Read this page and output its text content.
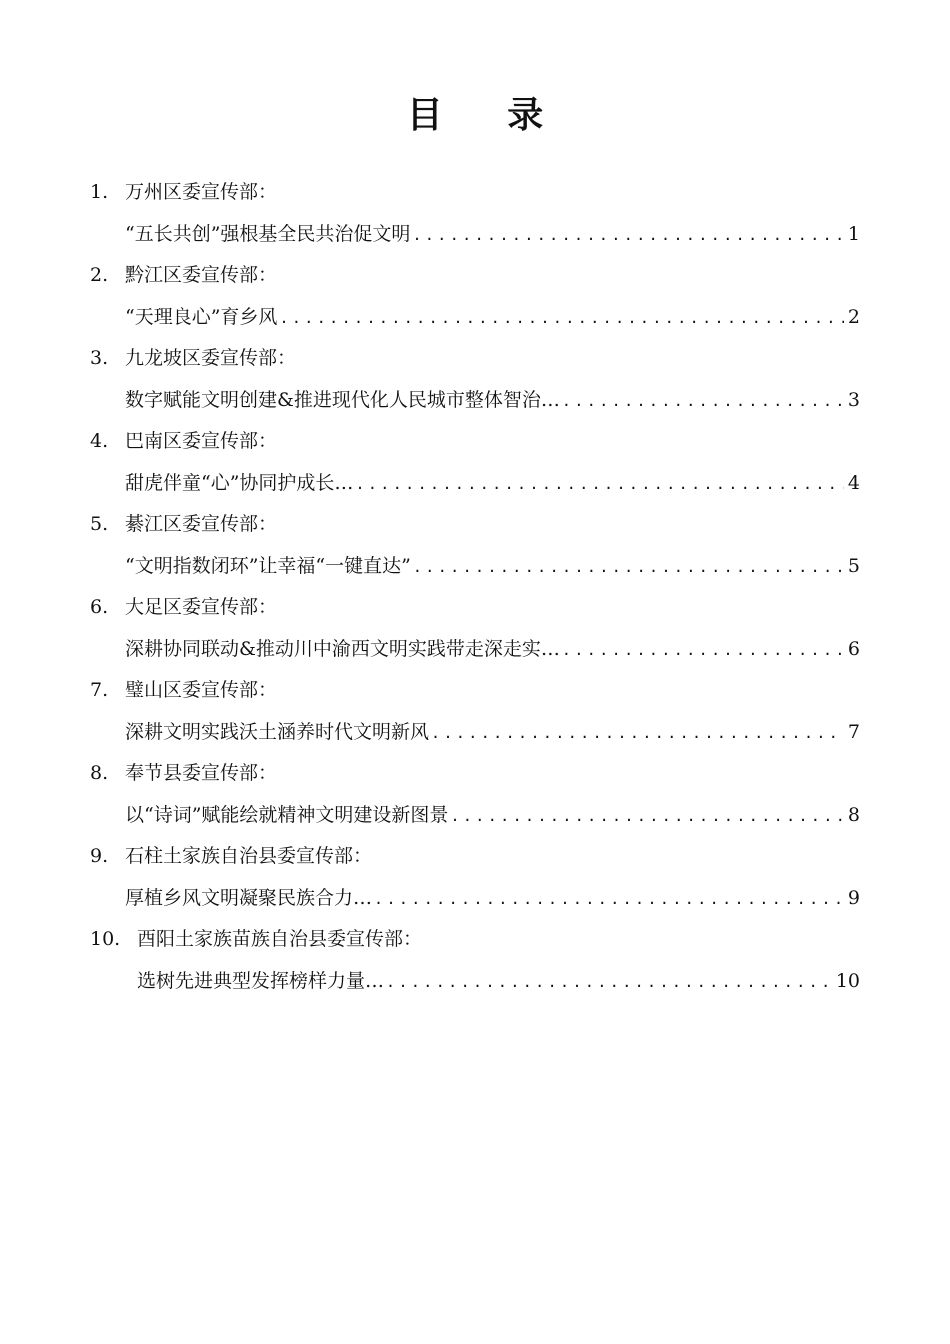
目 录
1. 万州区委宣传部：
“五长共创”强根基全民共治促文明 .....	1
2. 黔江区委宣传部：
“天理良心”育乡风 .....	2
3. 九龙坡区委宣传部：
数字赋能文明创建&推进现代化人民城市整体智治… .....	3
4. 巴南区委宣传部：
甜虎伴童“心”协同护成长… .....	4
5. 綦江区委宣传部：
“文明指数闭环”让幸福“一键直达” .....	5
6. 大足区委宣传部：
深耕协同联动&推动川中渝西文明实践带走深走实… .....	6
7. 璧山区委宣传部：
深耕文明实践沃土涵养时代文明新风 .....	7
8. 奉节县委宣传部：
以“诗词”赋能绘就精神文明建设新图景 .....	8
9. 石柱土家族自治县委宣传部：
厚植乡风文明凝聚民族合力… .....	9
10. 酉阳土家族苗族自治县委宣传部：
选树先进典型发挥榜样力量… .....	10
